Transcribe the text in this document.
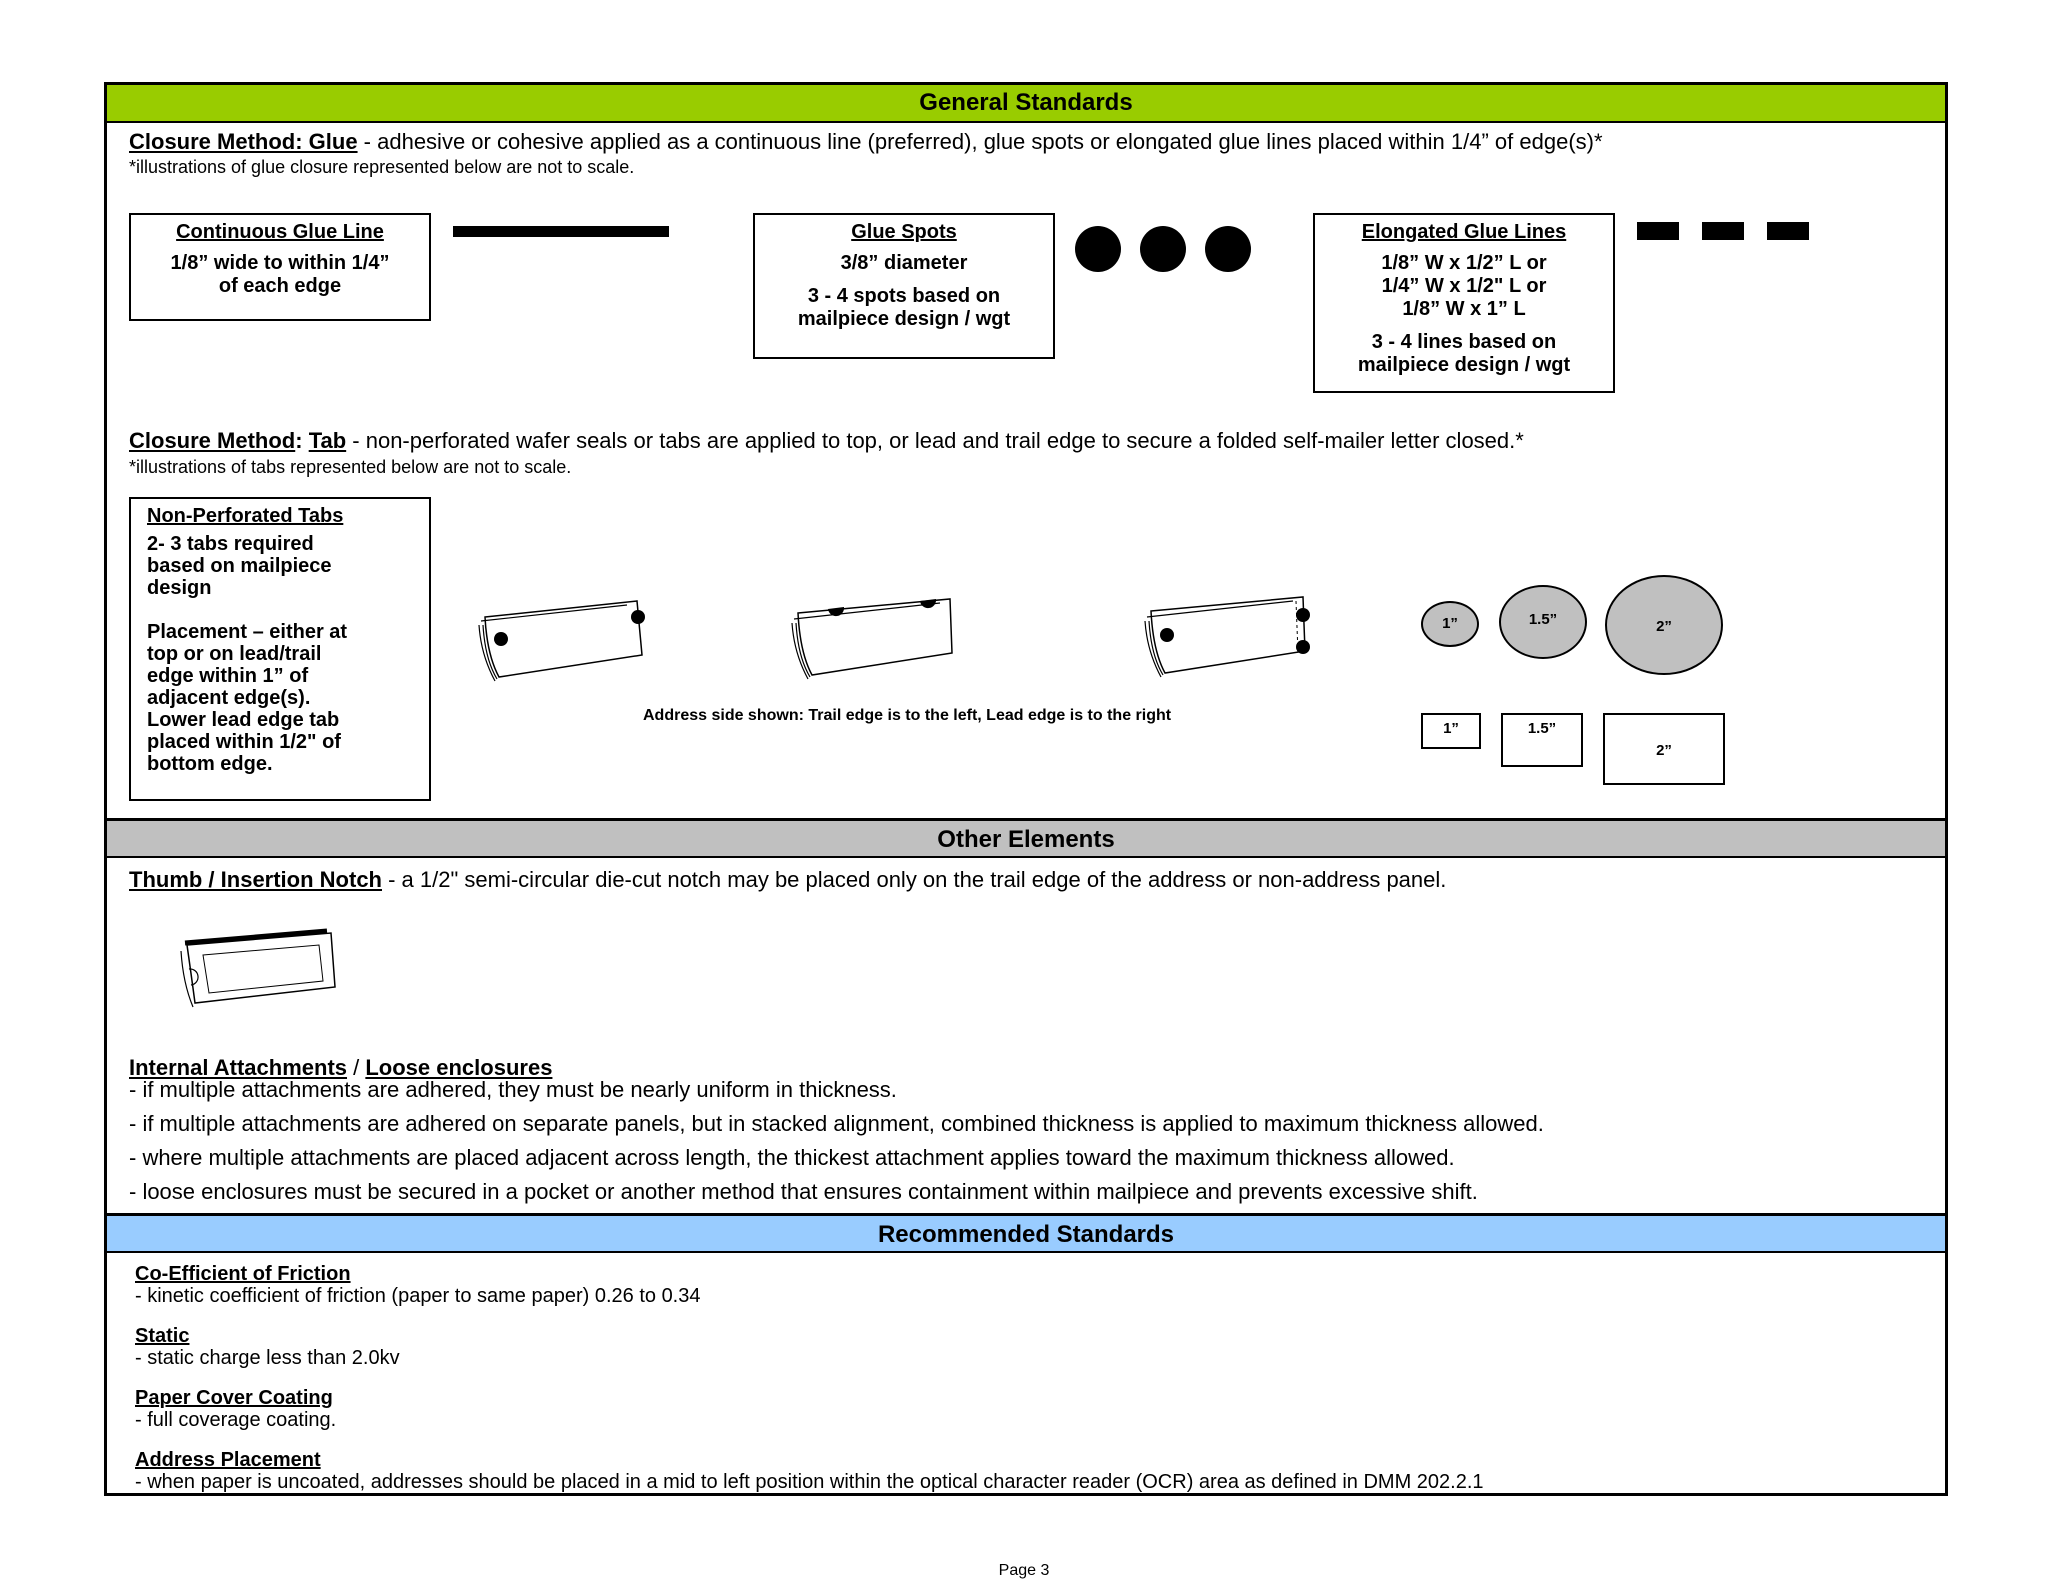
General Standards
Closure Method: Glue - adhesive or cohesive applied as a continuous line (preferred), glue spots or elongated glue lines placed within 1/4” of edge(s)*
*illustrations of glue closure represented below are not to scale.
Continuous Glue Line
1/8” wide to within 1/4”
of each edge
Glue Spots
3/8” diameter
3 - 4 spots based on
mailpiece design / wgt
Elongated Glue Lines
1/8” W x 1/2” L or
1/4” W x 1/2" L or
1/8” W x 1” L
3 - 4 lines based on
mailpiece design / wgt
Closure Method: Tab - non-perforated wafer seals or tabs are applied to top, or lead and trail edge to secure a folded self-mailer letter closed.*
*illustrations of tabs represented below are not to scale.
Non-Perforated Tabs
2- 3 tabs required
based on mailpiece
design
Placement – either at
top or on lead/trail
edge within 1” of
adjacent edge(s).
Lower lead edge tab
placed within 1/2" of
bottom edge.
Address side shown: Trail edge is to the left, Lead edge is to the right
1”	1.5”	2”
1”	1.5”
2”
Other Elements
Thumb / Insertion Notch - a 1/2" semi-circular die-cut notch may be placed only on the trail edge of the address or non-address panel.
Internal Attachments / Loose enclosures
- if multiple attachments are adhered, they must be nearly uniform in thickness.
- if multiple attachments are adhered on separate panels, but in stacked alignment, combined thickness is applied to maximum thickness allowed.
- where multiple attachments are placed adjacent across length, the thickest attachment applies toward the maximum thickness allowed.
- loose enclosures must be secured in a pocket or another method that ensures containment within mailpiece and prevents excessive shift.
Recommended Standards
Co-Efficient of Friction
- kinetic coefficient of friction (paper to same paper) 0.26 to 0.34
Static
- static charge less than 2.0kv
Paper Cover Coating
- full coverage coating.
Address Placement
- when paper is uncoated, addresses should be placed in a mid to left position within the optical character reader (OCR) area as defined in DMM 202.2.1
Page 3
